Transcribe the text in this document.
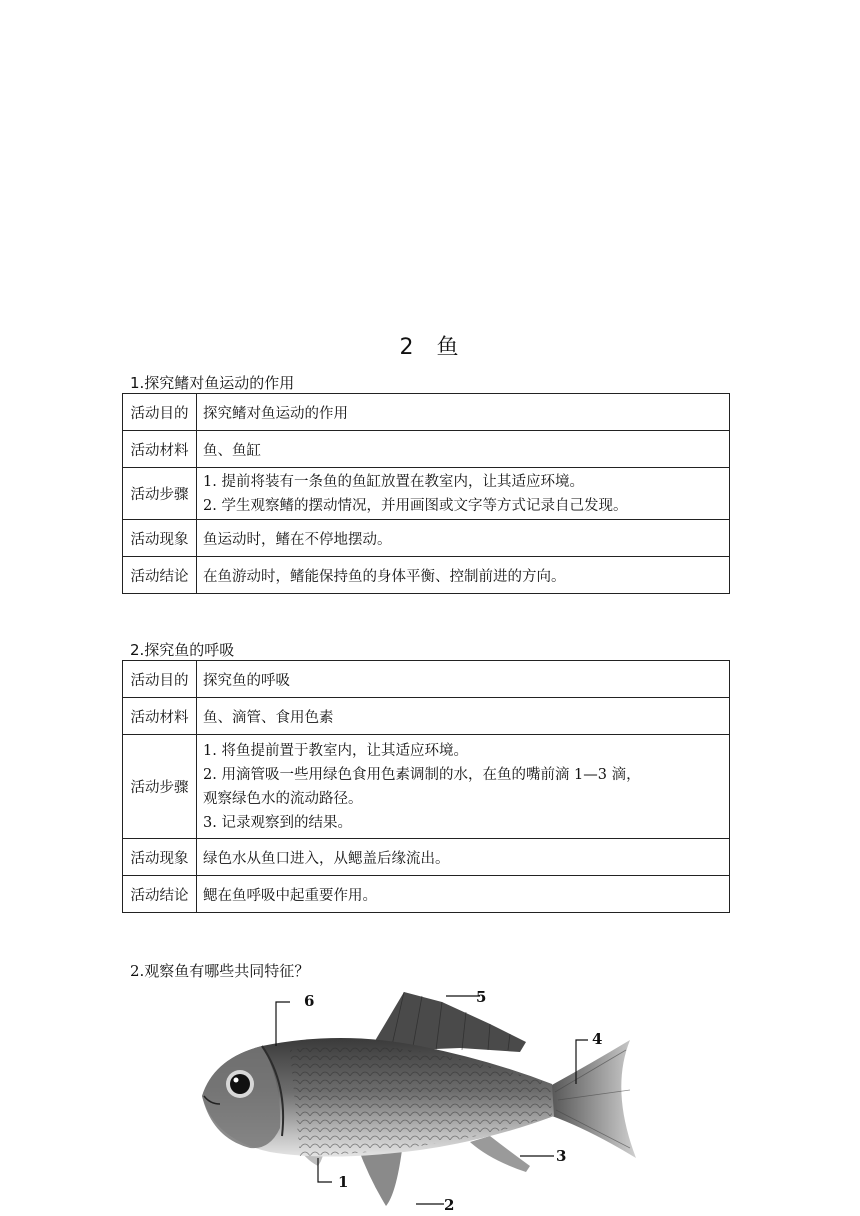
2 鱼
1.探究鳍对鱼运动的作用
活动目的	探究鳍对鱼运动的作用
活动材料	鱼、鱼缸
活动步骤	1. 提前将装有一条鱼的鱼缸放置在教室内，让其适应环境。
2. 学生观察鳍的摆动情况，并用画图或文字等方式记录自己发现。

活动现象	鱼运动时，鳍在不停地摆动。
活动结论	在鱼游动时，鳍能保持鱼的身体平衡、控制前进的方向。
2.探究鱼的呼吸
活动目的	探究鱼的呼吸
活动材料	鱼、滴管、食用色素
活动步骤	1. 将鱼提前置于教室内，让其适应环境。
2. 用滴管吸一些用绿色食用色素调制的水，在鱼的嘴前滴 1—3 滴，
观察绿色水的流动路径。
3. 记录观察到的结果。

活动现象	绿色水从鱼口进入，从鳃盖后缘流出。
活动结论	鳃在鱼呼吸中起重要作用。
2.观察鱼有哪些共同特征？
1
2
3
4
5
6
